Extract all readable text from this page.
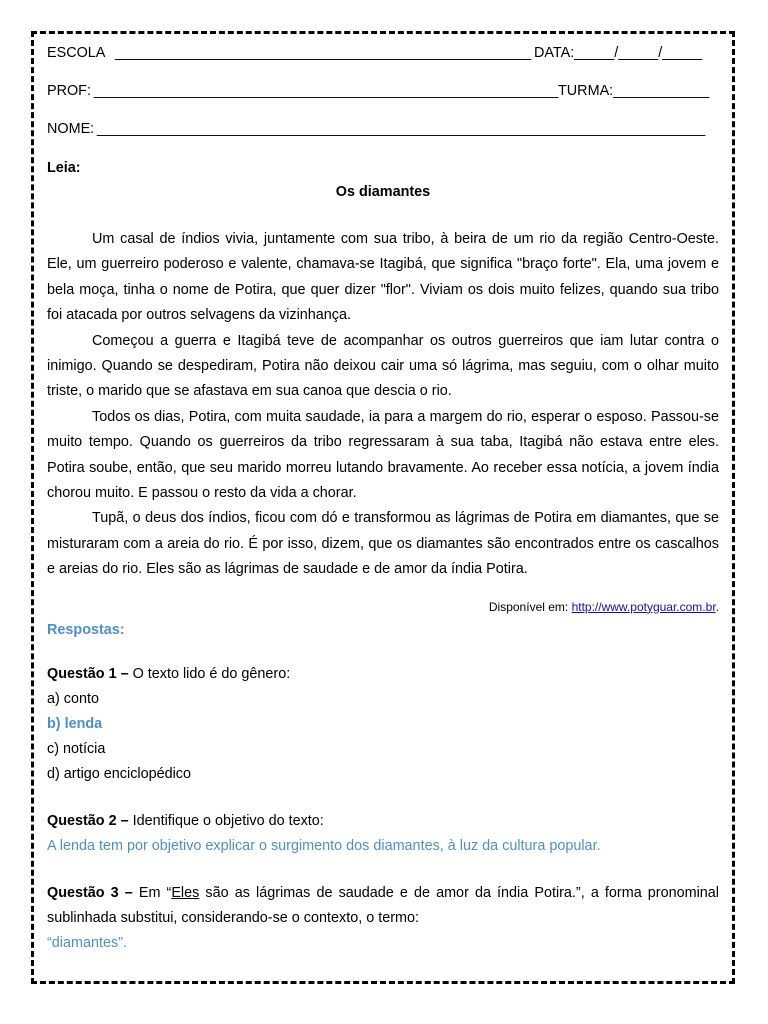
ESCOLA ____________________________________________________ DATA:_____/_____/_____
PROF: __________________________________________________________ TURMA:____________
NOME: ____________________________________________________________________________
Leia:
Os diamantes

Um casal de índios vivia, juntamente com sua tribo, à beira de um rio da região Centro-Oeste. Ele, um guerreiro poderoso e valente, chamava-se Itagibá, que significa "braço forte". Ela, uma jovem e bela moça, tinha o nome de Potira, que quer dizer "flor". Viviam os dois muito felizes, quando sua tribo foi atacada por outros selvagens da vizinhança.

Começou a guerra e Itagibá teve de acompanhar os outros guerreiros que iam lutar contra o inimigo. Quando se despediram, Potira não deixou cair uma só lágrima, mas seguiu, com o olhar muito triste, o marido que se afastava em sua canoa que descia o rio.

Todos os dias, Potira, com muita saudade, ia para a margem do rio, esperar o esposo. Passou-se muito tempo. Quando os guerreiros da tribo regressaram à sua taba, Itagibá não estava entre eles. Potira soube, então, que seu marido morreu lutando bravamente. Ao receber essa notícia, a jovem índia chorou muito. E passou o resto da vida a chorar.

Tupã, o deus dos índios, ficou com dó e transformou as lágrimas de Potira em diamantes, que se misturaram com a areia do rio. É por isso, dizem, que os diamantes são encontrados entre os cascalhos e areias do rio. Eles são as lágrimas de saudade e de amor da índia Potira.

Disponível em: http://www.potyguar.com.br.
Respostas:
Questão 1 – O texto lido é do gênero:
a) conto
b) lenda
c) notícia
d) artigo enciclopédico
Questão 2 – Identifique o objetivo do texto:
A lenda tem por objetivo explicar o surgimento dos diamantes, à luz da cultura popular.
Questão 3 – Em “Eles são as lágrimas de saudade e de amor da índia Potira.”, a forma pronominal sublinhada substitui, considerando-se o contexto, o termo:
“diamantes”.
